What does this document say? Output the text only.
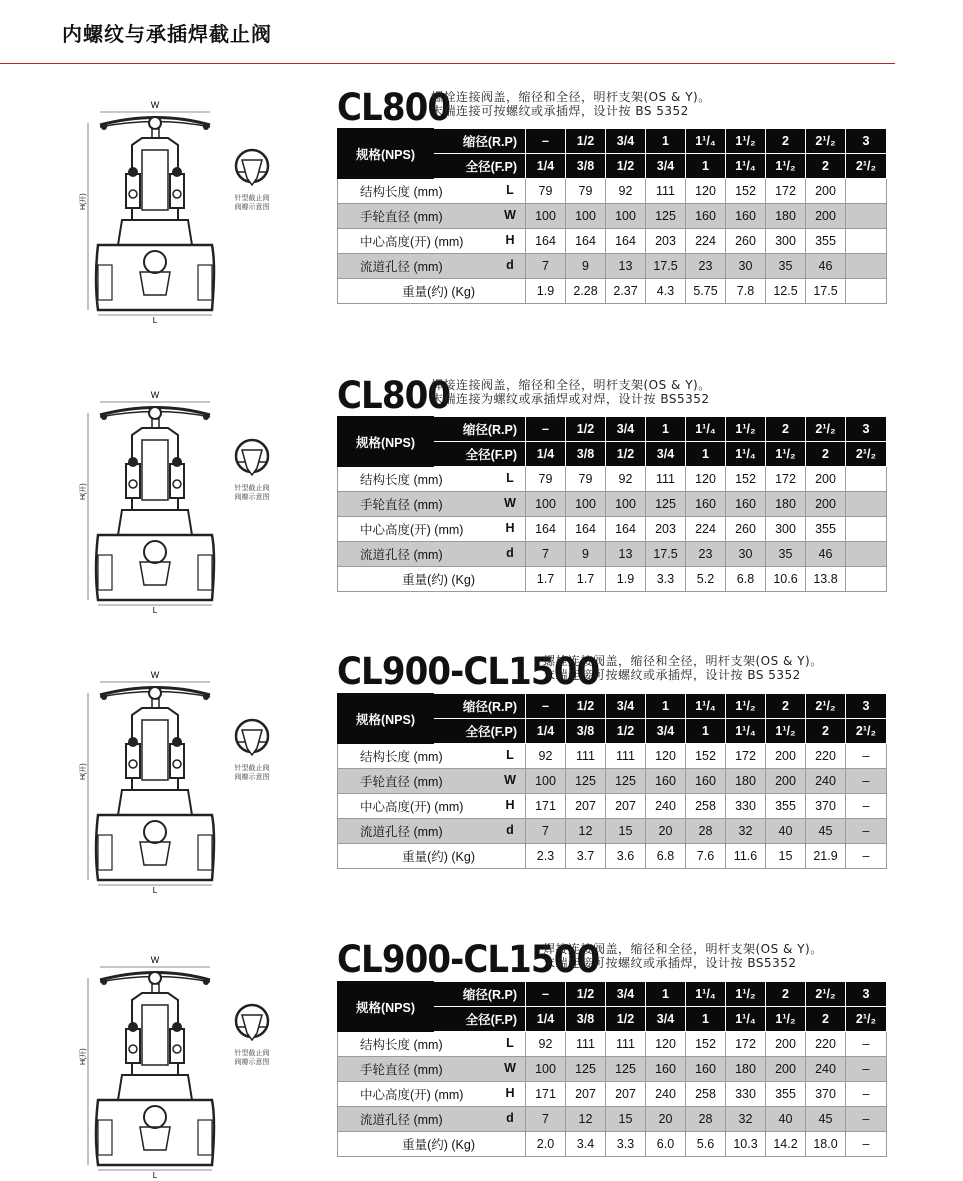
内螺纹与承插焊截止阀
W
H(开)
L
针型截止阀
阀瓣示意图
CL800
螺栓连接阀盖，缩径和全径，明杆支架(OS & Y)。
末端连接可按螺纹或承插焊，设计按 BS 5352
规格(NPS)	缩径(R.P)	–	1/2	3/4	1	1¹/₄	1¹/₂	2	2¹/₂	3
	全径(F.P)	1/4	3/8	1/2	3/4	1	1¹/₄	1¹/₂	2	2¹/₂
结构长度 (mm) L		79	79	92	111	120	152	172	200	
手轮直径 (mm) W		100	100	100	125	160	160	180	200	
中心高度(开) (mm) H		164	164	164	203	224	260	300	355	
流道孔径 (mm) d		7	9	13	17.5	23	30	35	46	
重量(约) (Kg)		1.9	2.28	2.37	4.3	5.75	7.8	12.5	17.5	
W
H(开)
L
针型截止阀
阀瓣示意图
CL800
焊接连接阀盖，缩径和全径，明杆支架(OS & Y)。
末端连接为螺纹或承插焊或对焊，设计按 BS5352
规格(NPS)	缩径(R.P)	–	1/2	3/4	1	1¹/₄	1¹/₂	2	2¹/₂	3
	全径(F.P)	1/4	3/8	1/2	3/4	1	1¹/₄	1¹/₂	2	2¹/₂
结构长度 (mm) L		79	79	92	111	120	152	172	200	
手轮直径 (mm) W		100	100	100	125	160	160	180	200	
中心高度(开) (mm) H		164	164	164	203	224	260	300	355	
流道孔径 (mm) d		7	9	13	17.5	23	30	35	46	
重量(约) (Kg)		1.7	1.7	1.9	3.3	5.2	6.8	10.6	13.8	
W
H(开)
L
针型截止阀
阀瓣示意图
CL900-CL1500
螺栓连接阀盖，缩径和全径，明杆支架(OS & Y)。
末端连接可按螺纹或承插焊，设计按 BS 5352
规格(NPS)	缩径(R.P)	–	1/2	3/4	1	1¹/₄	1¹/₂	2	2¹/₂	3
	全径(F.P)	1/4	3/8	1/2	3/4	1	1¹/₄	1¹/₂	2	2¹/₂
结构长度 (mm) L		92	111	111	120	152	172	200	220	–
手轮直径 (mm) W		100	125	125	160	160	180	200	240	–
中心高度(开) (mm) H		171	207	207	240	258	330	355	370	–
流道孔径 (mm) d		7	12	15	20	28	32	40	45	–
重量(约) (Kg)		2.3	3.7	3.6	6.8	7.6	11.6	15	21.9	–
W
H(开)
L
针型截止阀
阀瓣示意图
CL900-CL1500
焊接连接阀盖，缩径和全径，明杆支架(OS & Y)。
末端连接可按螺纹或承插焊，设计按 BS5352
规格(NPS)	缩径(R.P)	–	1/2	3/4	1	1¹/₄	1¹/₂	2	2¹/₂	3
	全径(F.P)	1/4	3/8	1/2	3/4	1	1¹/₄	1¹/₂	2	2¹/₂
结构长度 (mm) L		92	111	111	120	152	172	200	220	–
手轮直径 (mm) W		100	125	125	160	160	180	200	240	–
中心高度(开) (mm) H		171	207	207	240	258	330	355	370	–
流道孔径 (mm) d		7	12	15	20	28	32	40	45	–
重量(约) (Kg)		2.0	3.4	3.3	6.0	5.6	10.3	14.2	18.0	–
